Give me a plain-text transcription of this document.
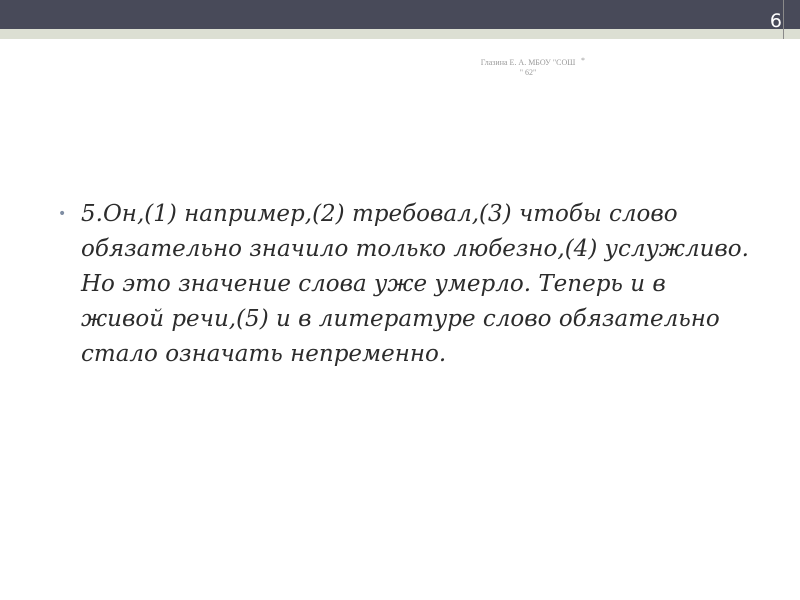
6
Глазина Е. А. МБОУ "СОШ " 62"
*
• 5.Он,(1) например,(2) требовал,(3) чтобы слово обязательно значило только любезно,(4) услужливо. Но это значение слова уже умерло. Теперь и в живой речи,(5) и в литературе слово обязательно стало означать непременно.
